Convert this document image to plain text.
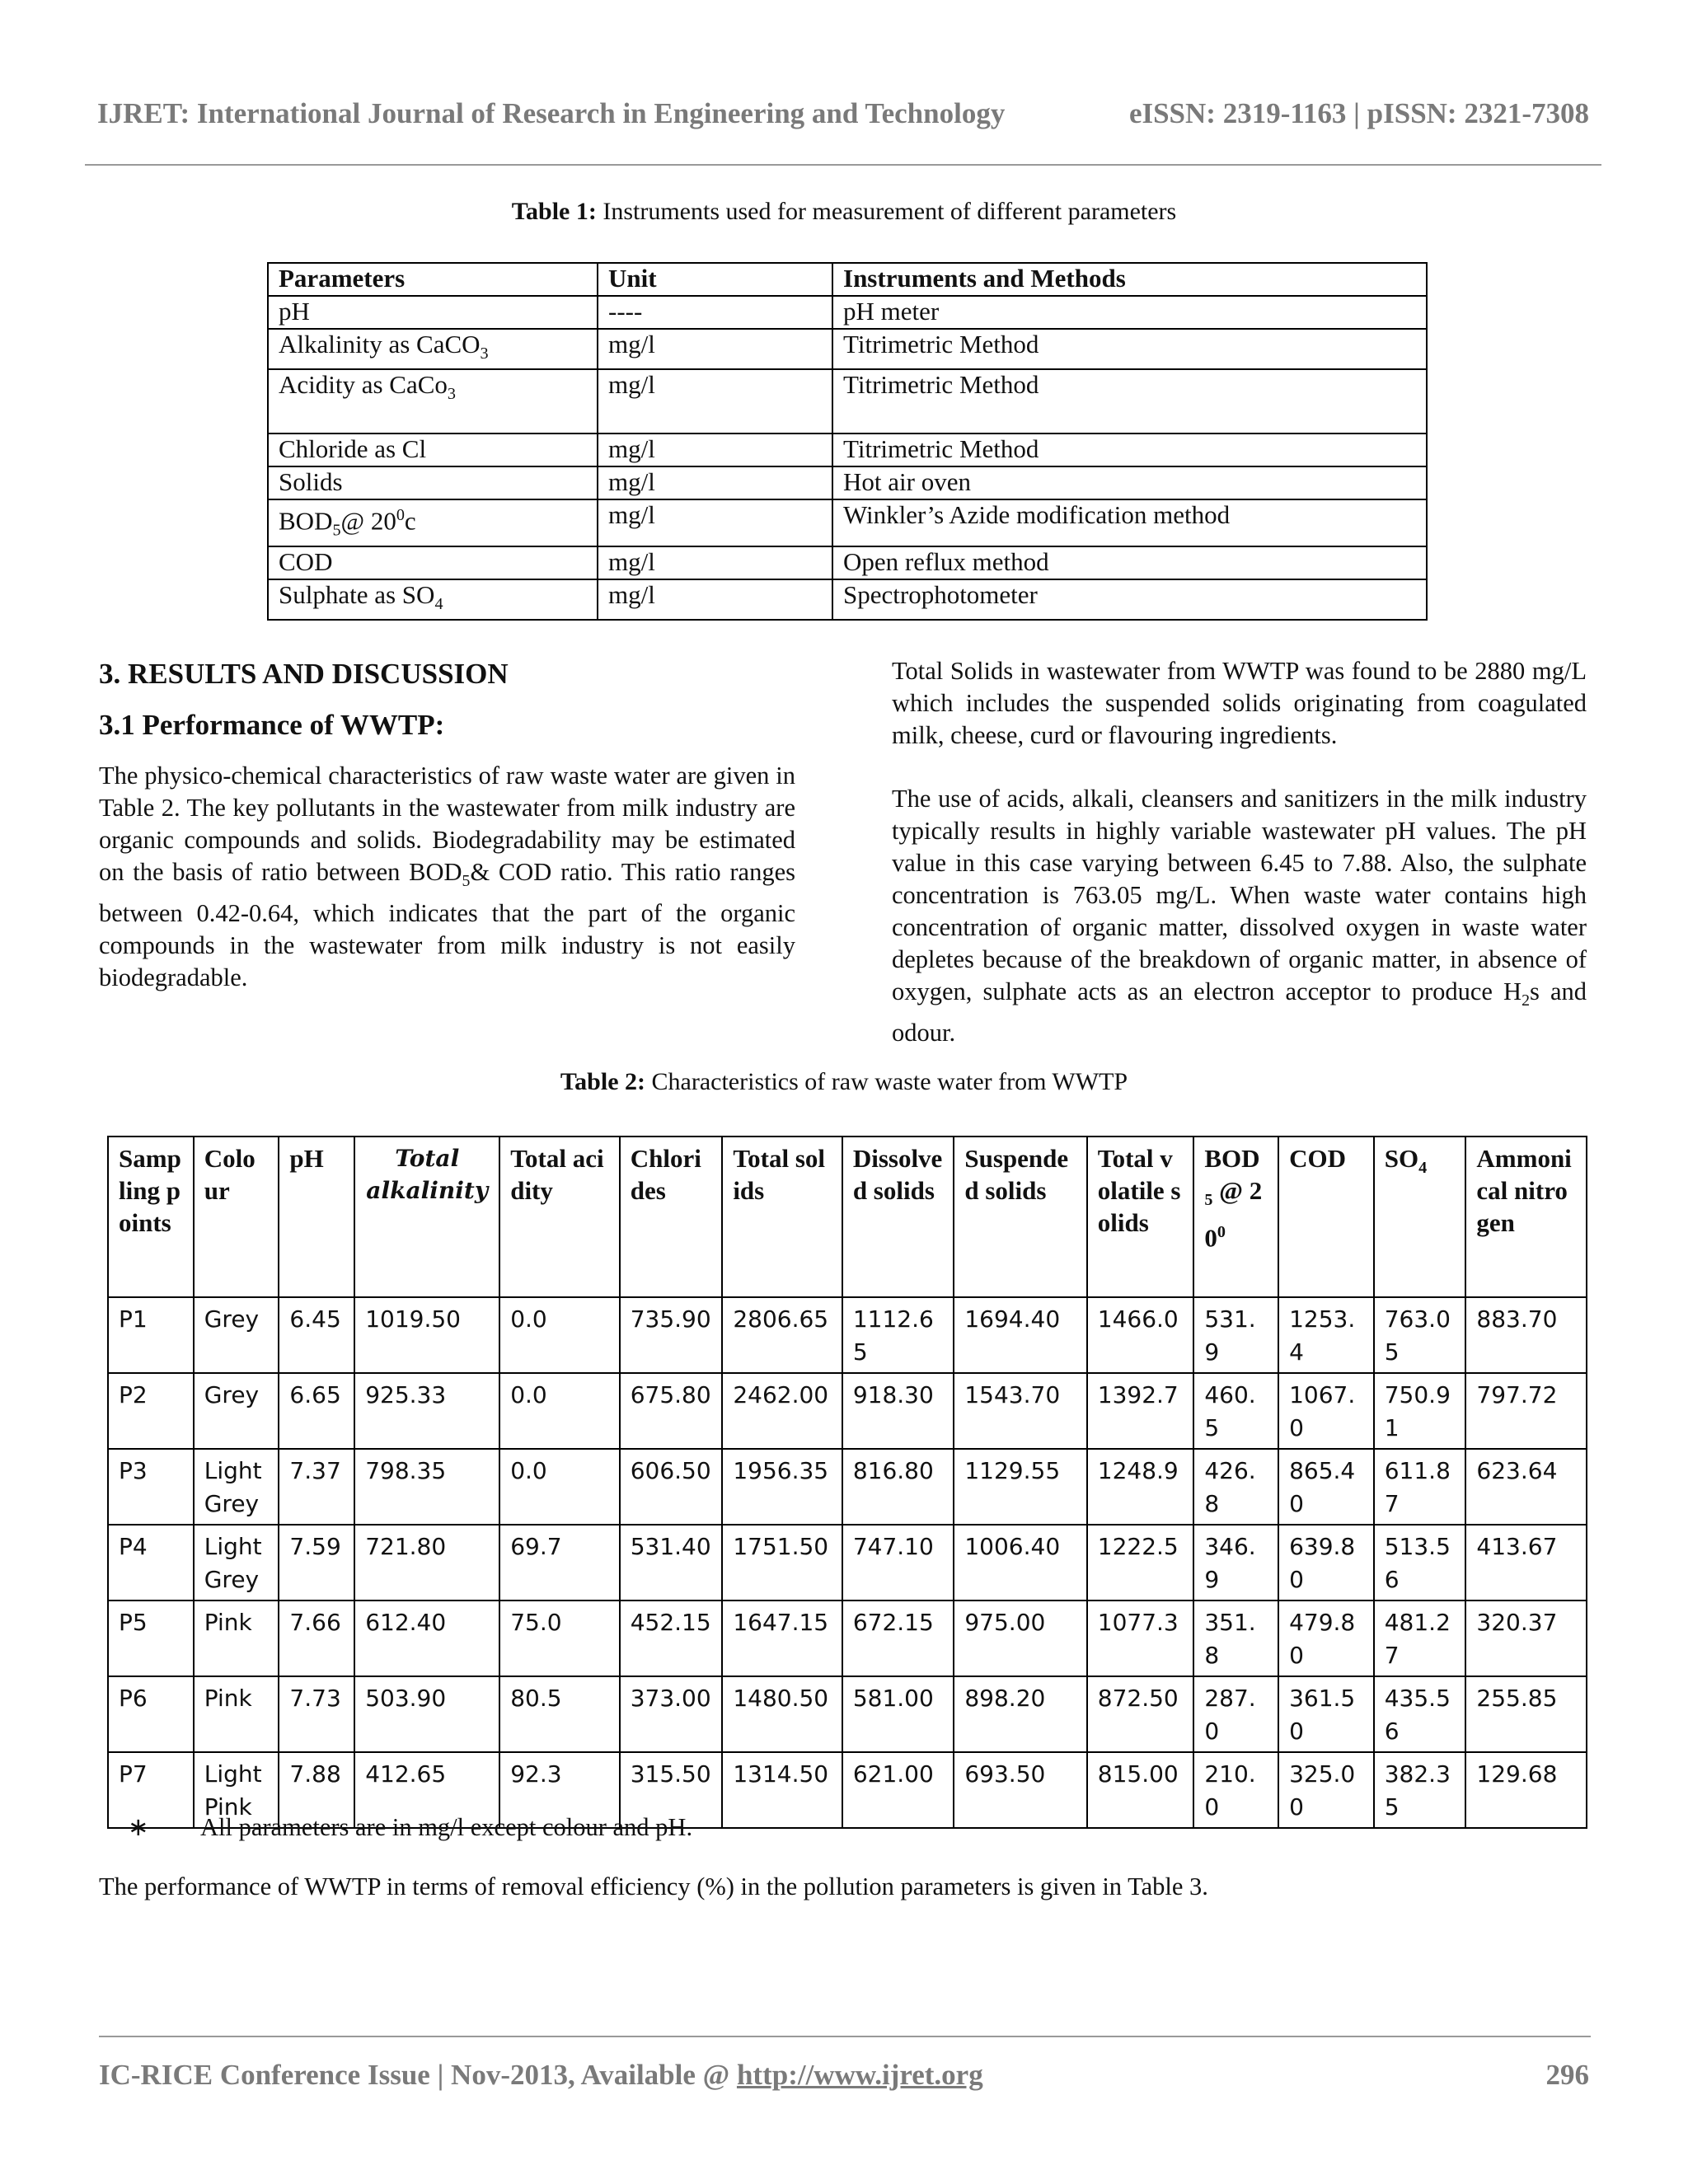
IJRET: International Journal of Research in Engineering and Technology	eISSN: 2319-1163 | pISSN: 2321-7308
Table 1: Instruments used for measurement of different parameters
Parameters	Unit	Instruments and Methods
pH	----	pH meter
Alkalinity as CaCO$_3$	mg/l	Titrimetric Method
Acidity as CaCo$_3$	mg/l	Titrimetric Method
Chloride as Cl	mg/l	Titrimetric Method
Solids	mg/l	Hot air oven
$BOD_5@$ $20^0c$	mg/l	Winkler’s Azide modification method
COD	mg/l	Open reflux method
Sulphate as $SO_4$	mg/l	Spectrophotometer
3. RESULTS AND DISCUSSION
3.1 Performance of WWTP:
The physico-chemical characteristics of raw waste water are given in Table 2. The key pollutants in the wastewater from milk industry are organic compounds and solids. Biodegradability may be estimated on the basis of ratio between $BOD_5\&$ COD ratio. This ratio ranges between 0.42-0.64, which indicates that the part of the organic compounds in the wastewater from milk industry is not easily biodegradable.
Total Solids in wastewater from WWTP was found to be 2880 mg/L which includes the suspended solids originating from coagulated milk, cheese, curd or flavouring ingredients.
The use of acids, alkali, cleansers and sanitizers in the milk industry typically results in highly variable wastewater pH values. The pH value in this case varying between 6.45 to 7.88. Also, the sulphate concentration is 763.05 mg/L. When waste water contains high concentration of organic matter, dissolved oxygen in waste water depletes because of the breakdown of organic matter, in absence of oxygen, sulphate acts as an electron acceptor to produce $H_2s$ and odour.
Table 2: Characteristics of raw waste water from WWTP
Sampling points	Colour	pH	Total alkalinity	Total acidity	Chlorides	Total solids	Dissolved solids	Suspended solids	Total volatile solids	$BOD_5$ @ $20^0$	COD	$SO_4$	Ammonical nitrogen
P1	Grey	6.45	1019.50	0.0	735.90	2806.65	1112.65	1694.40	1466.0	531.9	1253.4	763.05	883.70
P2	Grey	6.65	925.33	0.0	675.80	2462.00	918.30	1543.70	1392.7	460.5	1067.0	750.91	797.72
P3	Light Grey	7.37	798.35	0.0	606.50	1956.35	816.80	1129.55	1248.9	426.8	865.40	611.87	623.64
P4	Light Grey	7.59	721.80	69.7	531.40	1751.50	747.10	1006.40	1222.5	346.9	639.80	513.56	413.67
P5	Pink	7.66	612.40	75.0	452.15	1647.15	672.15	975.00	1077.3	351.8	479.80	481.27	320.37
P6	Pink	7.73	503.90	80.5	373.00	1480.50	581.00	898.20	872.50	287.0	361.50	435.56	255.85
P7	Light Pink	7.88	412.65	92.3	315.50	1314.50	621.00	693.50	815.00	210.0	325.00	382.35	129.68
∗ All parameters are in mg/l except colour and pH.
The performance of WWTP in terms of removal efficiency (%) in the pollution parameters is given in Table 3.
IC-RICE Conference Issue | Nov-2013, Available @ http://www.ijret.org	296
